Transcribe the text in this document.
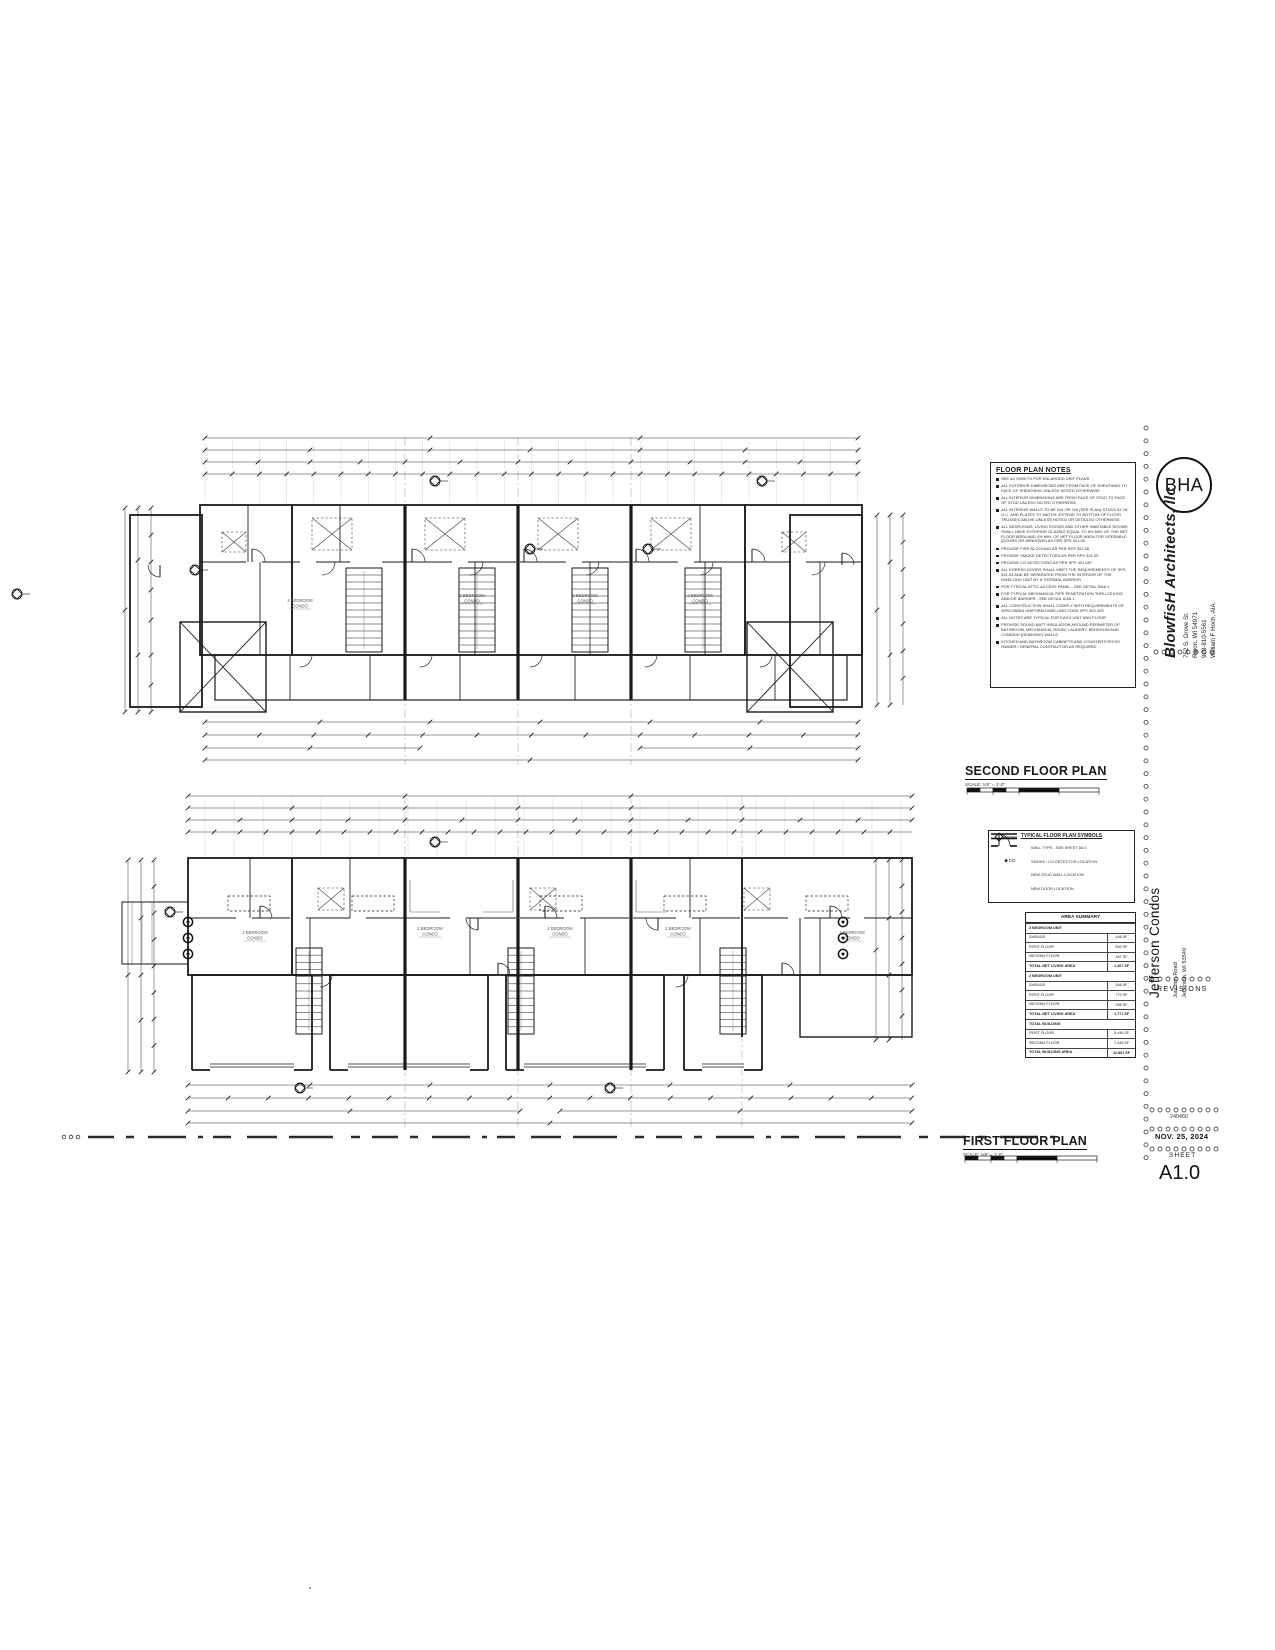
2 BEDROOM
CONDO
2 BEDROOM
CONDO
2 BEDROOM
CONDO
2 BEDROOM
CONDO
2 BEDROOM
CONDO
2 BEDROOM
CONDO
2 BEDROOM
CONDO
2 BEDROOM
CONDO	2 BEDROOM
CONDO
FLOOR PLAN NOTES
SEE A2 SHEETS FOR ENLARGED UNIT PLANS
ALL EXTERIOR DIMENSIONS ARE FROM FACE OF SHEATHING TO FACE OF SHEATHING UNLESS NOTED OTHERWISE
ALL INTERIOR DIMENSIONS ARE FROM FACE OF STUD TO FACE OF STUD UNLESS NOTED OTHERWISE
ALL INTERIOR WALLS TO BE 2x4 OR 2x6 (SEE PLAN) STUDS AT 16" O.C. AND PLATES TO MATCH. EXTEND TO BOTTOM OF FLOOR TRUSSES ABOVE UNLESS NOTED OR DETAILED OTHERWISE
ALL BEDROOMS, LIVING ROOMS AND OTHER HABITABLE ROOMS SHALL HAVE EXTERIOR GLAZING EQUAL TO 8% MIN. OF THE NET FLOOR AREA AND 4% MIN. OF NET FLOOR AREA FOR OPERABLE (DOORS OR WINDOWS) AS PER SPS 321.05
PROVIDE FIRE BLOCKING AS PER SPS 321.08
PROVIDE SMOKE DETECTORS AS PER SPS 321.09
PROVIDE CO DETECTORS AS PER SPS 321.097
ALL EGRESS DOORS SHALL MEET THE REQUIREMENTS OF SPS 321.03 AND BE SEPARATED FROM THE INTERIOR OF THE DWELLING UNIT BY A THERMAL BARRIER
FOR TYPICAL ATTIC ACCESS PANEL - SEE DETAIL 5/A6.1
FOR TYPICAL MECHANICAL PIPE PENETRATION THRU CEILING AND/OR BARRIER - SEE DETAIL 6/A6.1
ALL CONSTRUCTION SHALL COMPLY WITH REQUIREMENTS OF WISCONSIN UNIFORM DWELLING CODE SPS 320-325
ALL NOTES ARE TYPICAL FOR EACH UNIT AND FLOOR
PROVIDE SOUND BATT INSULATION AROUND PERIMETER OF BATHROOM, MECHANICAL ROOM, LAUNDRY, BEDROOM AND COMMON (DEMISING) WALLS
KITCHEN AND BATHROOM CABINETS AND COUNTERTOPS BY OWNER / GENERAL CONTRACTOR AS REQUIRED
SECOND FLOOR PLAN
SCALE: 1/8" = 1'-0"
TYPICAL FLOOR PLAN SYMBOLS
WALL TYPE - SEE SHEET A6.0
■ CO	SMOKE / CO DETECTOR LOCATION
NEW STUD WALL LOCATION
NEW DOOR LOCATION
AREA SUMMARY
3 BEDROOM UNIT
GARAGE	446 SF
FIRST FLOOR	840 SF
SECOND FLOOR	467 SF
TOTAL NET LIVING AREA	1,307 SF
2 BEDROOM UNIT
GARAGE	546 SF
FIRST FLOOR	773 SF
SECOND FLOOR	998 SF
TOTAL NET LIVING AREA	1,771 SF
TOTAL BUILDING
FIRST FLOOR	5,446 SF
SECOND FLOOR	7,445 SF
TOTAL BUILDING AREA	12,891 SF
FIRST FLOOR PLAN
SCALE: 1/8" = 1'-0"
BHA
BlowfisH Architects, llc 752 S. Grove St. Ripon, WI 54971 920-810-5561 William F Hoch, AIA
Jefferson Condos Junction Road Jefferson, WI 53549
REVISIONS
240460
NOV. 25, 2024
SHEET
A1.0
